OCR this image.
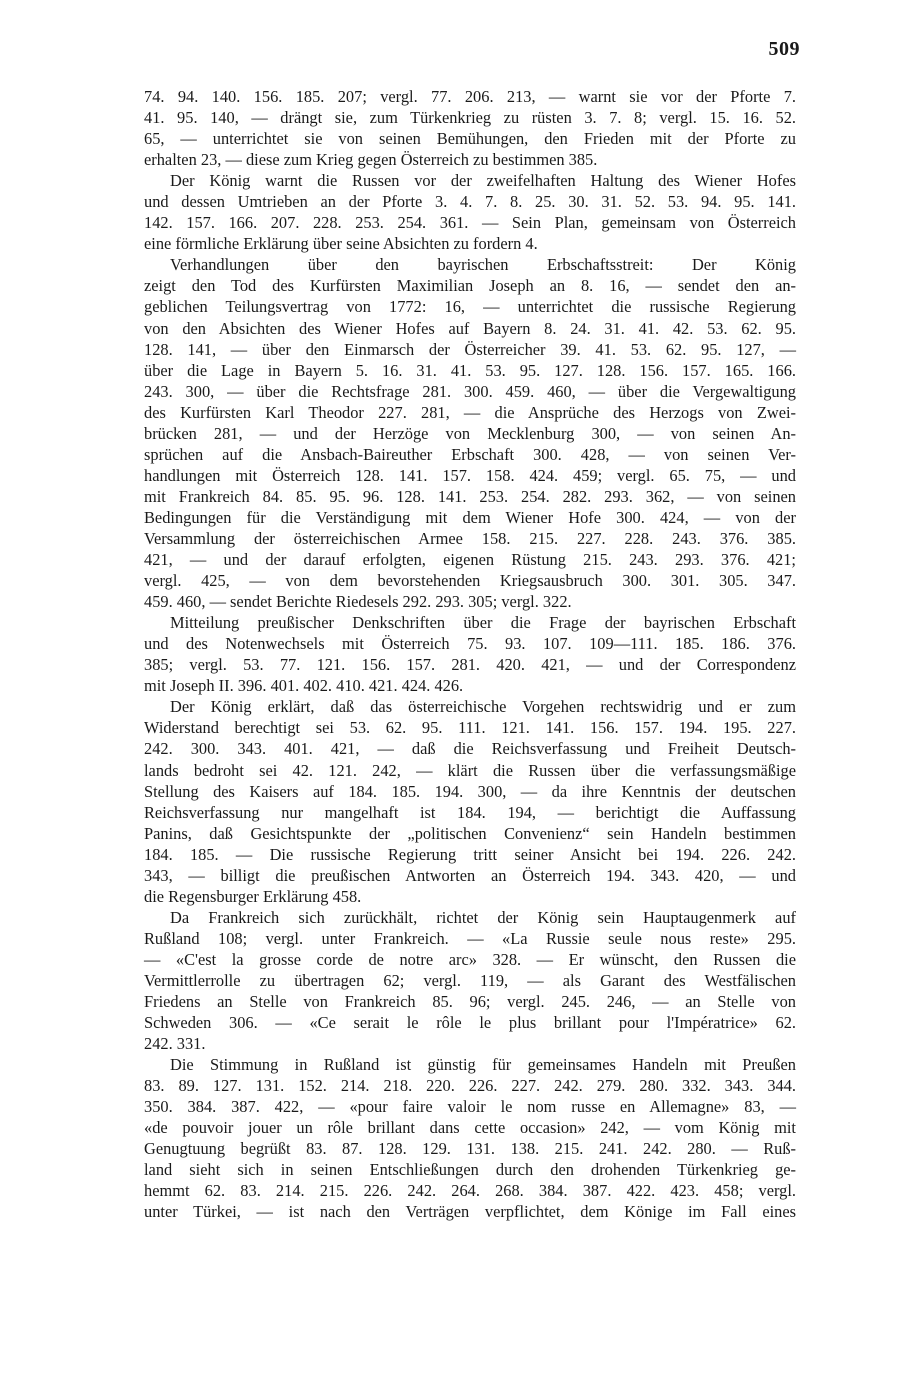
509
74. 94. 140. 156. 185. 207; vergl. 77. 206. 213, — warnt sie vor der Pforte 7.
41. 95. 140, — drängt sie, zum Türkenkrieg zu rüsten 3. 7. 8; vergl. 15. 16. 52.
65, — unterrichtet sie von seinen Bemühungen, den Frieden mit der Pforte zu
erhalten 23, — diese zum Krieg gegen Österreich zu bestimmen 385.
Der König warnt die Russen vor der zweifelhaften Haltung des Wiener Hofes
und dessen Umtrieben an der Pforte 3. 4. 7. 8. 25. 30. 31. 52. 53. 94. 95. 141.
142. 157. 166. 207. 228. 253. 254. 361. — Sein Plan, gemeinsam von Österreich
eine förmliche Erklärung über seine Absichten zu fordern 4.
Verhandlungen über den bayrischen Erbschaftsstreit: Der König
zeigt den Tod des Kurfürsten Maximilian Joseph an 8. 16, — sendet den an-
geblichen Teilungsvertrag von 1772: 16, — unterrichtet die russische Regierung
von den Absichten des Wiener Hofes auf Bayern 8. 24. 31. 41. 42. 53. 62. 95.
128. 141, — über den Einmarsch der Österreicher 39. 41. 53. 62. 95. 127, —
über die Lage in Bayern 5. 16. 31. 41. 53. 95. 127. 128. 156. 157. 165. 166.
243. 300, — über die Rechtsfrage 281. 300. 459. 460, — über die Vergewaltigung
des Kurfürsten Karl Theodor 227. 281, — die Ansprüche des Herzogs von Zwei-
brücken 281, — und der Herzöge von Mecklenburg 300, — von seinen An-
sprüchen auf die Ansbach-Baireuther Erbschaft 300. 428, — von seinen Ver-
handlungen mit Österreich 128. 141. 157. 158. 424. 459; vergl. 65. 75, — und
mit Frankreich 84. 85. 95. 96. 128. 141. 253. 254. 282. 293. 362, — von seinen
Bedingungen für die Verständigung mit dem Wiener Hofe 300. 424, — von der
Versammlung der österreichischen Armee 158. 215. 227. 228. 243. 376. 385.
421, — und der darauf erfolgten, eigenen Rüstung 215. 243. 293. 376. 421;
vergl. 425, — von dem bevorstehenden Kriegsausbruch 300. 301. 305. 347.
459. 460, — sendet Berichte Riedesels 292. 293. 305; vergl. 322.
Mitteilung preußischer Denkschriften über die Frage der bayrischen Erbschaft
und des Notenwechsels mit Österreich 75. 93. 107. 109—111. 185. 186. 376.
385; vergl. 53. 77. 121. 156. 157. 281. 420. 421, — und der Correspondenz
mit Joseph II. 396. 401. 402. 410. 421. 424. 426.
Der König erklärt, daß das österreichische Vorgehen rechtswidrig und er zum
Widerstand berechtigt sei 53. 62. 95. 111. 121. 141. 156. 157. 194. 195. 227.
242. 300. 343. 401. 421, — daß die Reichsverfassung und Freiheit Deutsch-
lands bedroht sei 42. 121. 242, — klärt die Russen über die verfassungsmäßige
Stellung des Kaisers auf 184. 185. 194. 300, — da ihre Kenntnis der deutschen
Reichsverfassung nur mangelhaft ist 184. 194, — berichtigt die Auffassung
Panins, daß Gesichtspunkte der „politischen Convenienz“ sein Handeln bestimmen
184. 185. — Die russische Regierung tritt seiner Ansicht bei 194. 226. 242.
343, — billigt die preußischen Antworten an Österreich 194. 343. 420, — und
die Regensburger Erklärung 458.
Da Frankreich sich zurückhält, richtet der König sein Hauptaugenmerk auf
Rußland 108; vergl. unter Frankreich. — «La Russie seule nous reste» 295.
— «C'est la grosse corde de notre arc» 328. — Er wünscht, den Russen die
Vermittlerrolle zu übertragen 62; vergl. 119, — als Garant des Westfälischen
Friedens an Stelle von Frankreich 85. 96; vergl. 245. 246, — an Stelle von
Schweden 306. — «Ce serait le rôle le plus brillant pour l'Impératrice» 62.
242. 331.
Die Stimmung in Rußland ist günstig für gemeinsames Handeln mit Preußen
83. 89. 127. 131. 152. 214. 218. 220. 226. 227. 242. 279. 280. 332. 343. 344.
350. 384. 387. 422, — «pour faire valoir le nom russe en Allemagne» 83, —
«de pouvoir jouer un rôle brillant dans cette occasion» 242, — vom König mit
Genugtuung begrüßt 83. 87. 128. 129. 131. 138. 215. 241. 242. 280. — Ruß-
land sieht sich in seinen Entschließungen durch den drohenden Türkenkrieg ge-
hemmt 62. 83. 214. 215. 226. 242. 264. 268. 384. 387. 422. 423. 458; vergl.
unter Türkei, — ist nach den Verträgen verpflichtet, dem Könige im Fall eines
